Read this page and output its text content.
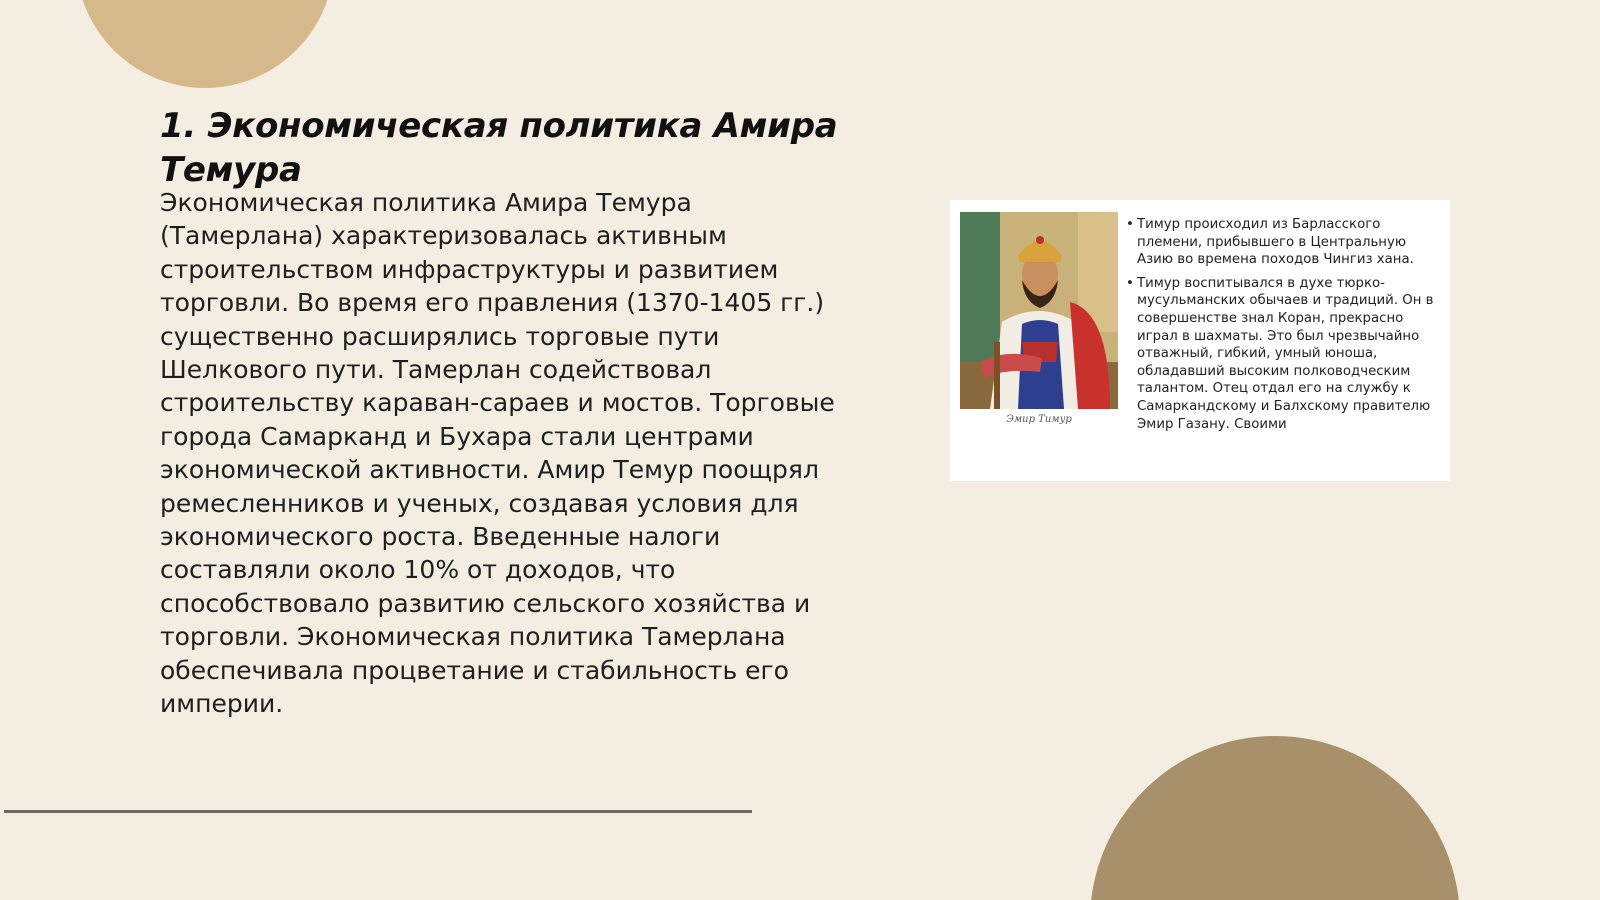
1. Экономическая политика Амира Темура

Экономическая политика Амира Темура (Тамерлана) характеризовалась активным строительством инфраструктуры и развитием торговли. Во время его правления (1370-1405 гг.) существенно расширялись торговые пути Шелкового пути. Тамерлан содействовал строительству караван-сараев и мостов. Торговые города Самарканд и Бухара стали центрами экономической активности. Амир Темур поощрял ремесленников и ученых, создавая условия для экономического роста. Введенные налоги составляли около 10% от доходов, что способствовало развитию сельского хозяйства и торговли. Экономическая политика Тамерлана обеспечивала процветание и стабильность его империи.

Эмир Тимур
• Тимур происходил из Барласского племени, прибывшего в Центральную Азию во времена походов Чингиз хана.
• Тимур воспитывался в духе тюрко-мусульманских обычаев и традиций. Он в совершенстве знал Коран, прекрасно играл в шахматы. Это был чрезвычайно отважный, гибкий, умный юноша, обладавший высоким полководческим талантом. Отец отдал его на службу к Самаркандскому и Балхскому правителю Эмир Газану. Своими
